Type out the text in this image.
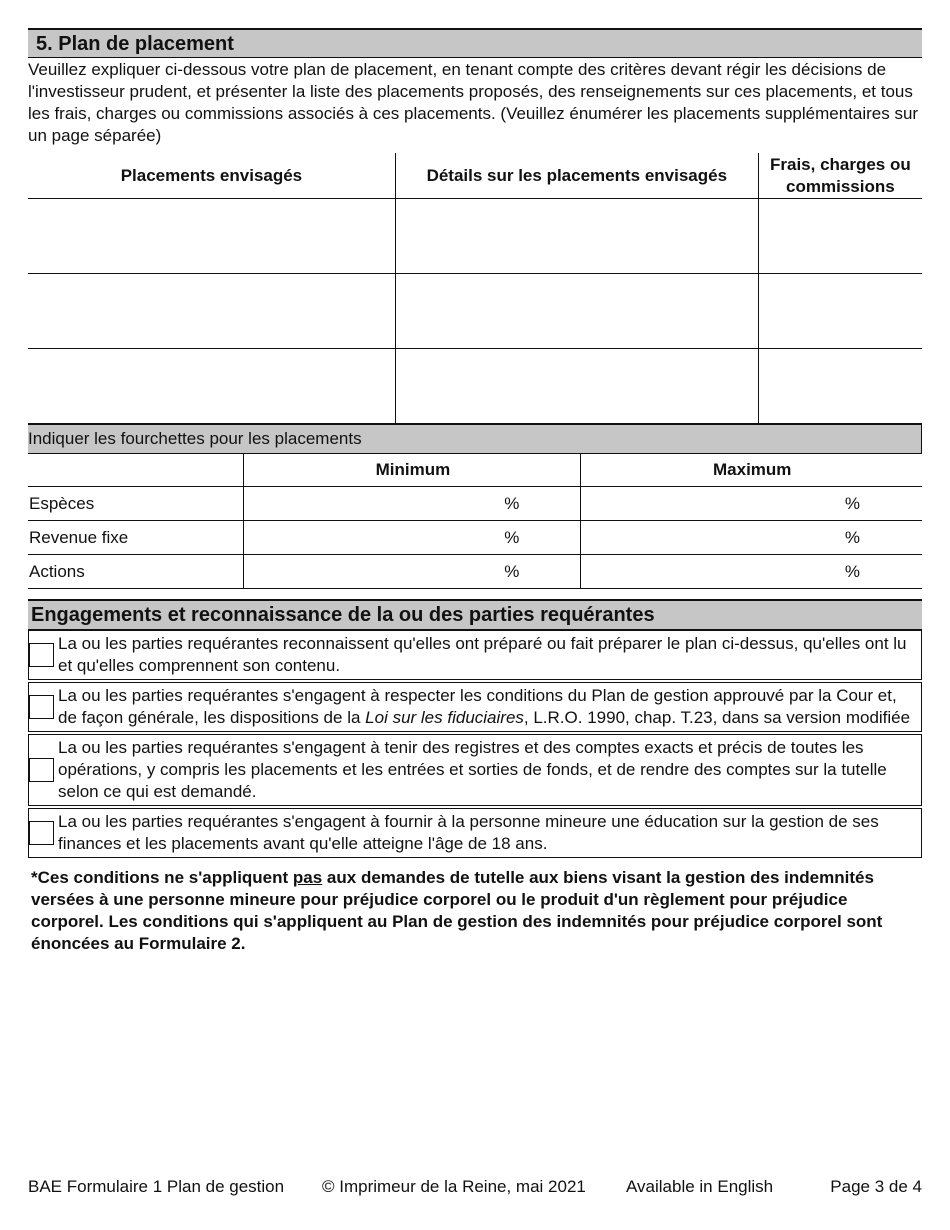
5. Plan de placement
Veuillez expliquer ci-dessous votre plan de placement, en tenant compte des critères devant régir les décisions de l'investisseur prudent, et présenter la liste des placements proposés, des renseignements sur ces placements, et tous les frais, charges ou commissions associés à ces placements. (Veuillez énumérer les placements supplémentaires sur un page séparée)
Placements envisagés	Détails sur les placements envisagés	Frais, charges ou commissions

Indiquer les fourchettes pour les placements
	Minimum	Maximum
Espèces	%	%
Revenue fixe	%	%
Actions	%	%
Engagements et reconnaissance de la ou des parties requérantes
La ou les parties requérantes reconnaissent qu'elles ont préparé ou fait préparer le plan ci-dessus, qu'elles ont lu et qu'elles comprennent son contenu.
La ou les parties requérantes s'engagent à respecter les conditions du Plan de gestion approuvé par la Cour et, de façon générale, les dispositions de la Loi sur les fiduciaires, L.R.O. 1990, chap. T.23, dans sa version modifiée
La ou les parties requérantes s'engagent à tenir des registres et des comptes exacts et précis de toutes les opérations, y compris les placements et les entrées et sorties de fonds, et de rendre des comptes sur la tutelle selon ce qui est demandé.
La ou les parties requérantes s'engagent à fournir à la personne mineure une éducation sur la gestion de ses finances et les placements avant qu'elle atteigne l'âge de 18 ans.
*Ces conditions ne s'appliquent pas aux demandes de tutelle aux biens visant la gestion des indemnités versées à une personne mineure pour préjudice corporel ou le produit d'un règlement pour préjudice corporel. Les conditions qui s'appliquent au Plan de gestion des indemnités pour préjudice corporel sont énoncées au Formulaire 2.
BAE Formulaire 1 Plan de gestion © Imprimeur de la Reine, mai 2021 Available in English	Page 3 de 4
